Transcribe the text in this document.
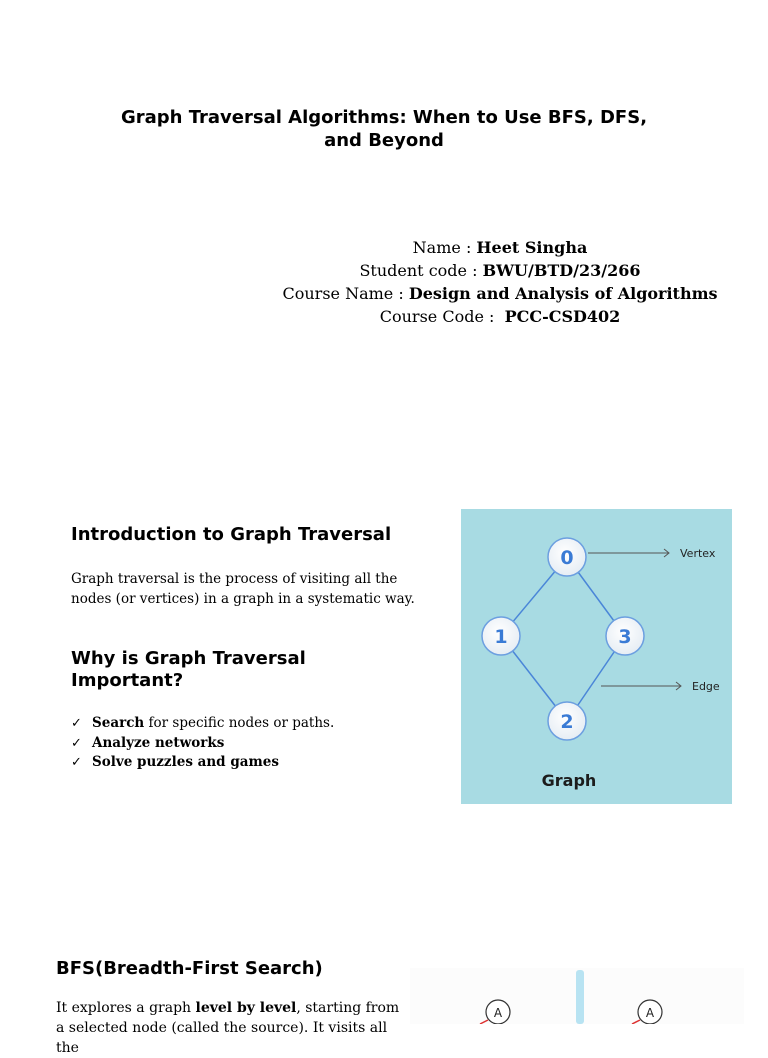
Graph Traversal Algorithms: When to Use BFS, DFS, and Beyond
Name : Heet Singha
Student code : BWU/BTD/23/266
Course Name : Design and Analysis of Algorithms
Course Code :  PCC-CSD402
Introduction to Graph Traversal

Graph traversal is the process of visiting all the nodes (or vertices) in a graph in a systematic way.

Why is Graph Traversal Important?
✓ Search for specific nodes or paths.
✓ Analyze networks
✓ Solve puzzles and games
Vertex
Edge
0
1	3
2
Graph
BFS(Breadth-First Search)

It explores a graph level by level, starting from a selected node (called the source). It visits all the

A	A
